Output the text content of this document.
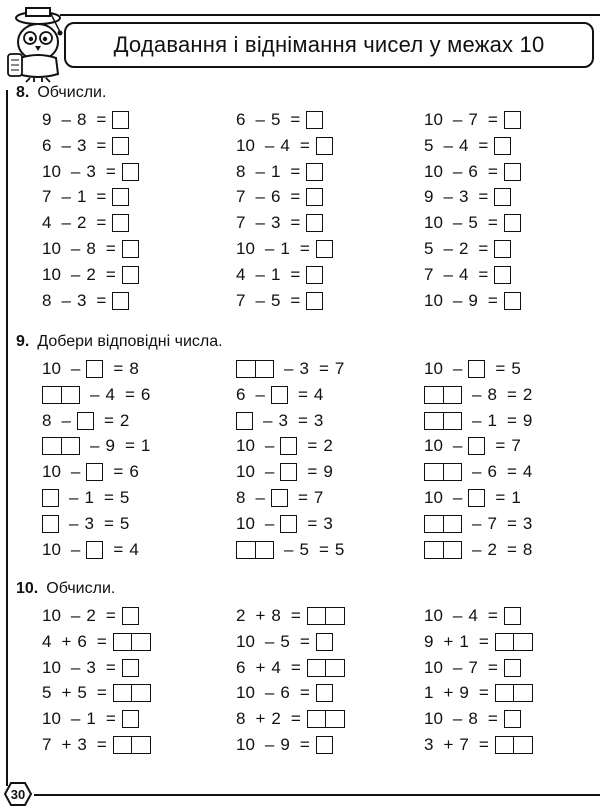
Додавання і віднімання чисел у межах 10
8. Обчисли.
9. Добери відповідні числа.
10. Обчисли.
9 – 8 =
6 – 3 =
10 – 3 =
7 – 1 =
4 – 2 =
10 – 8 =
10 – 2 =
8 – 3 =
6 – 5 =
10 – 4 =
8 – 1 =
7 – 6 =
7 – 3 =
10 – 1 =
4 – 1 =
7 – 5 =
10 – 7 =
5 – 4 =
10 – 6 =
9 – 3 =
10 – 5 =
5 – 2 =
7 – 4 =
10 – 9 =
10 – = 8
– 4 = 6
8 – = 2
– 9 = 1
10 – = 6
– 1 = 5
– 3 = 5
10 – = 4
– 3 = 7
6 – = 4
– 3 = 3
10 – = 2
10 – = 9
8 – = 7
10 – = 3
– 5 = 5
10 – = 5
– 8 = 2
– 1 = 9
10 – = 7
– 6 = 4
10 – = 1
– 7 = 3
– 2 = 8
10 – 2 =
4 + 6 =
10 – 3 =
5 + 5 =
10 – 1 =
7 + 3 =
2 + 8 =
10 – 5 =
6 + 4 =
10 – 6 =
8 + 2 =
10 – 9 =
10 – 4 =
9 + 1 =
10 – 7 =
1 + 9 =
10 – 8 =
3 + 7 =
30
